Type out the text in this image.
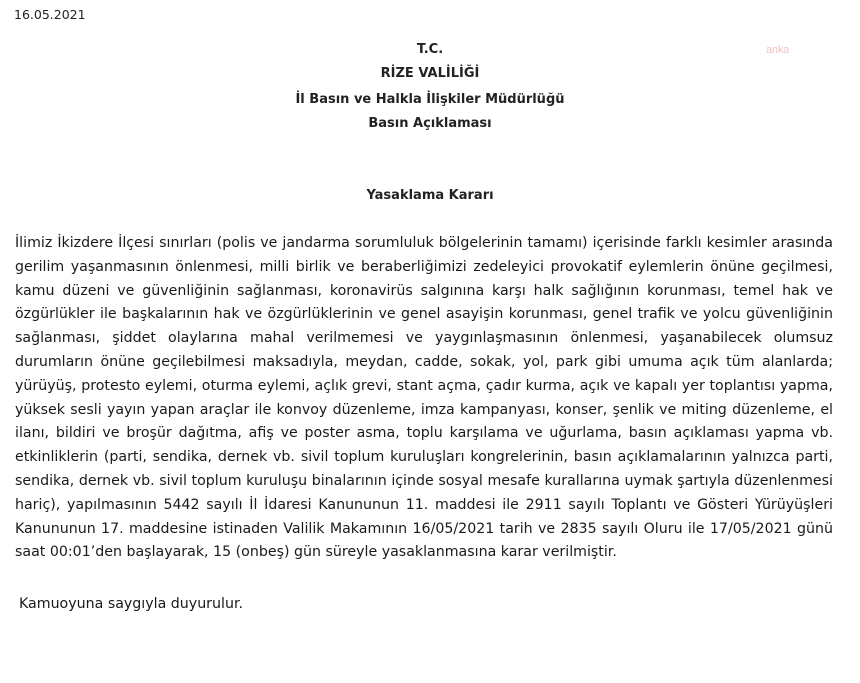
16.05.2021
anka
T.C.
RİZE VALİLİĞİ
İl Basın ve Halkla İlişkiler Müdürlüğü
Basın Açıklaması
Yasaklama Kararı
İlimiz İkizdere İlçesi sınırları (polis ve jandarma sorumluluk bölgelerinin tamamı) içerisinde farklı kesimler arasında gerilim yaşanmasının önlenmesi, milli birlik ve beraberliğimizi zedeleyici provokatif eylemlerin önüne geçilmesi, kamu düzeni ve güvenliğinin sağlanması, koronavirüs salgınına karşı halk sağlığının korunması, temel hak ve özgürlükler ile başkalarının hak ve özgürlüklerinin ve genel asayişin korunması, genel trafik ve yolcu güvenliğinin sağlanması, şiddet olaylarına mahal verilmemesi ve yaygınlaşmasının önlenmesi, yaşanabilecek olumsuz durumların önüne geçilebilmesi maksadıyla, meydan, cadde, sokak, yol, park gibi umuma açık tüm alanlarda; yürüyüş, protesto eylemi, oturma eylemi, açlık grevi, stant açma, çadır kurma, açık ve kapalı yer toplantısı yapma, yüksek sesli yayın yapan araçlar ile konvoy düzenleme, imza kampanyası, konser, şenlik ve miting düzenleme, el ilanı, bildiri ve broşür dağıtma, afiş ve poster asma, toplu karşılama ve uğurlama, basın açıklaması yapma vb. etkinliklerin (parti, sendika, dernek vb. sivil toplum kuruluşları kongrelerinin, basın açıklamalarının yalnızca parti, sendika, dernek vb. sivil toplum kuruluşu binalarının içinde sosyal mesafe kurallarına uymak şartıyla düzenlenmesi hariç), yapılmasının 5442 sayılı İl İdaresi Kanununun 11. maddesi ile 2911 sayılı Toplantı ve Gösteri Yürüyüşleri Kanununun 17. maddesine istinaden Valilik Makamının 16/05/2021 tarih ve 2835 sayılı Oluru ile 17/05/2021 günü saat 00:01’den başlayarak, 15 (onbeş) gün süreyle yasaklanmasına karar verilmiştir.
Kamuoyuna saygıyla duyurulur.
